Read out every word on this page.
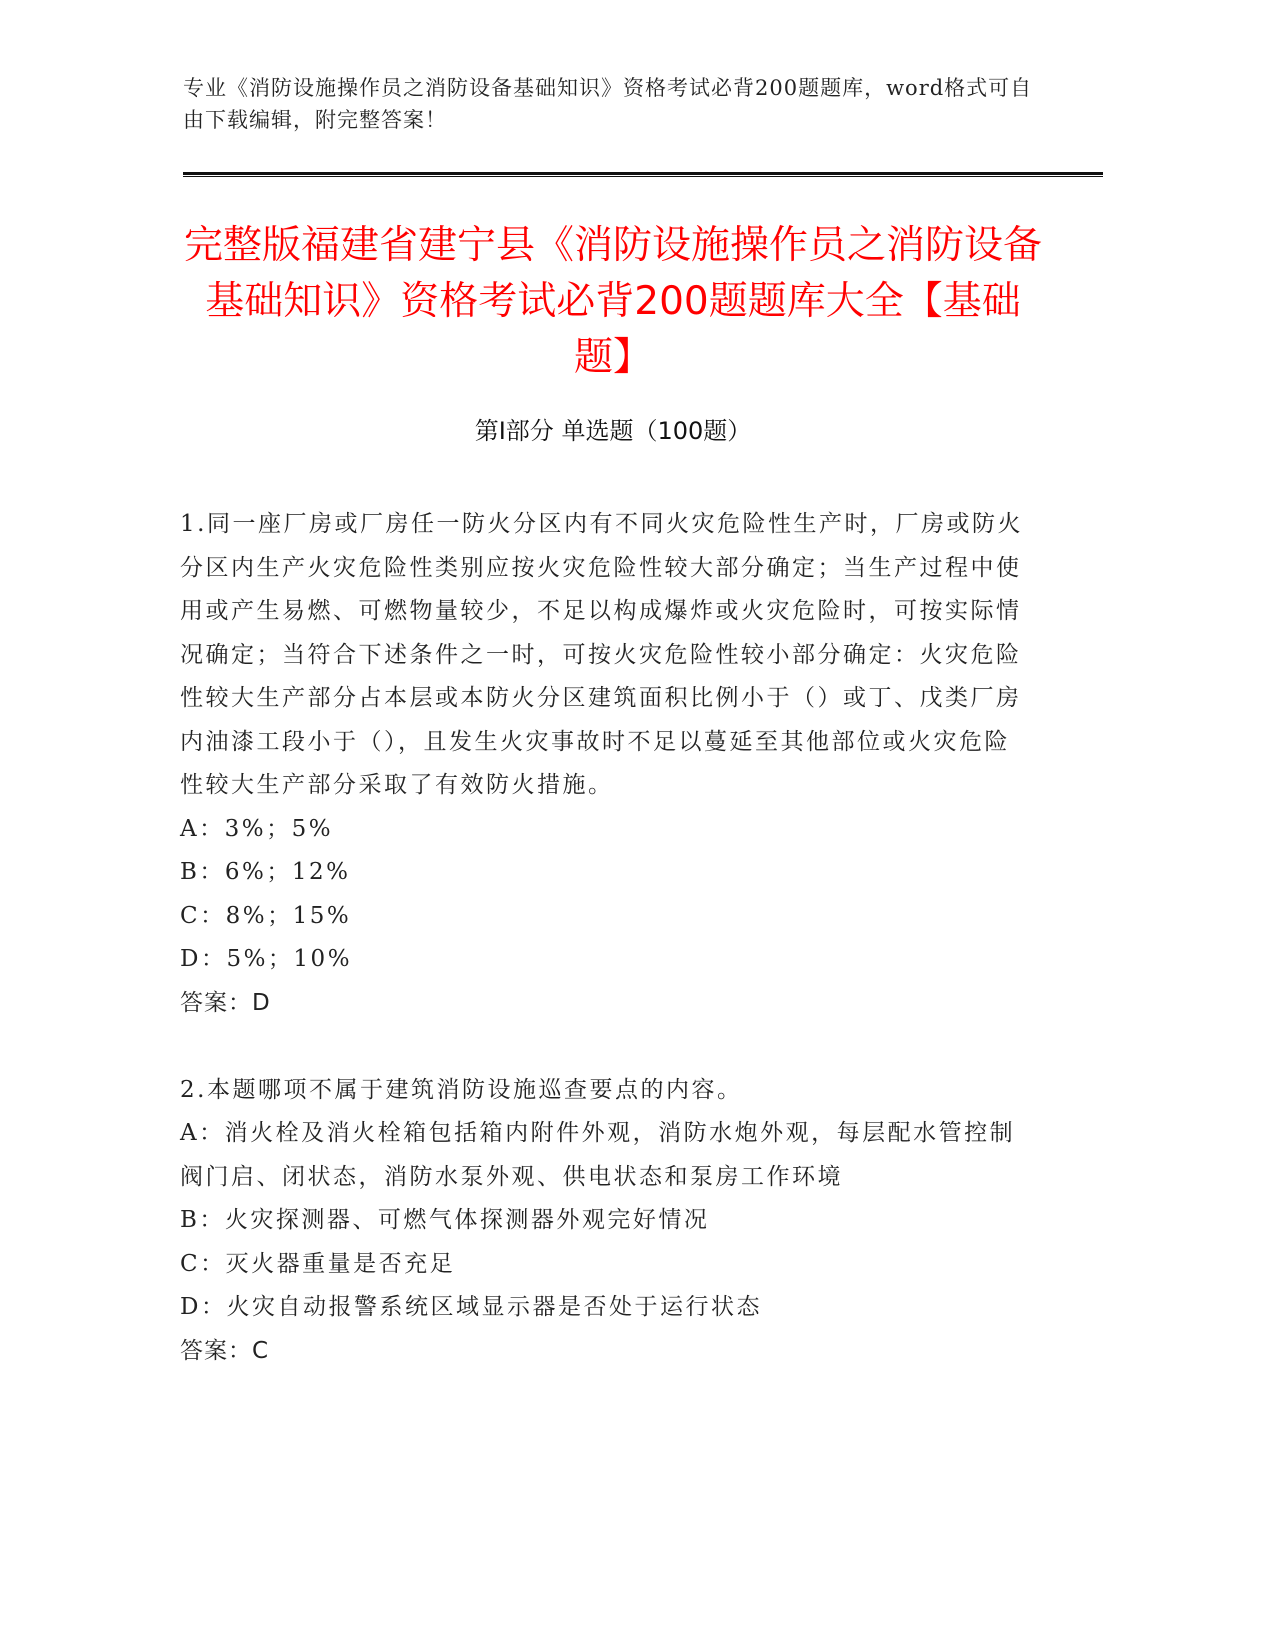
专业《消防设施操作员之消防设备基础知识》资格考试必背200题题库，word格式可自由下载编辑，附完整答案！
完整版福建省建宁县《消防设施操作员之消防设备基础知识》资格考试必背200题题库大全【基础题】
第I部分 单选题（100题）
1.同一座厂房或厂房任一防火分区内有不同火灾危险性生产时，厂房或防火分区内生产火灾危险性类别应按火灾危险性较大部分确定；当生产过程中使用或产生易燃、可燃物量较少，不足以构成爆炸或火灾危险时，可按实际情况确定；当符合下述条件之一时，可按火灾危险性较小部分确定：火灾危险性较大生产部分占本层或本防火分区建筑面积比例小于（）或丁、戊类厂房内油漆工段小于（），且发生火灾事故时不足以蔓延至其他部位或火灾危险性较大生产部分采取了有效防火措施。
A：3%；5%
B：6%；12%
C：8%；15%
D：5%；10%
答案：D
2.本题哪项不属于建筑消防设施巡查要点的内容。
A：消火栓及消火栓箱包括箱内附件外观，消防水炮外观，每层配水管控制阀门启、闭状态，消防水泵外观、供电状态和泵房工作环境
B：火灾探测器、可燃气体探测器外观完好情况
C：灭火器重量是否充足
D：火灾自动报警系统区域显示器是否处于运行状态
答案：C
